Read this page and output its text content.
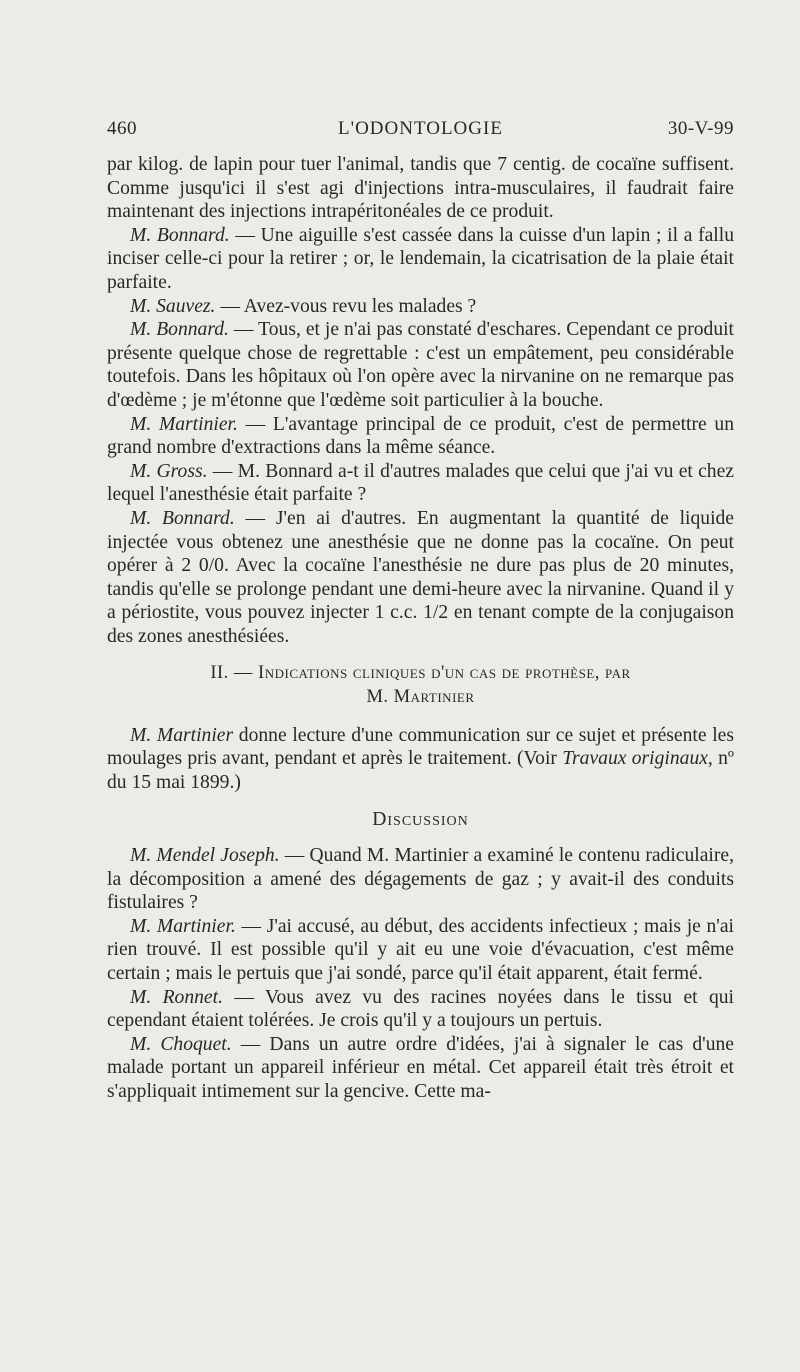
460	L'ODONTOLOGIE	30-V-99

par kilog. de lapin pour tuer l'animal, tandis que 7 centig. de cocaïne suffisent. Comme jusqu'ici il s'est agi d'injections intra-musculaires, il faudrait faire maintenant des injections intrapéritonéales de ce produit.

M. Bonnard. — Une aiguille s'est cassée dans la cuisse d'un lapin ; il a fallu inciser celle-ci pour la retirer ; or, le lendemain, la cicatrisation de la plaie était parfaite.

M. Sauvez. — Avez-vous revu les malades ?

M. Bonnard. — Tous, et je n'ai pas constaté d'eschares. Cependant ce produit présente quelque chose de regrettable : c'est un empâtement, peu considérable toutefois. Dans les hôpitaux où l'on opère avec la nirvanine on ne remarque pas d'œdème ; je m'étonne que l'œdème soit particulier à la bouche.

M. Martinier. — L'avantage principal de ce produit, c'est de permettre un grand nombre d'extractions dans la même séance.

M. Gross. — M. Bonnard a-t il d'autres malades que celui que j'ai vu et chez lequel l'anesthésie était parfaite ?

M. Bonnard. — J'en ai d'autres. En augmentant la quantité de liquide injectée vous obtenez une anesthésie que ne donne pas la cocaïne. On peut opérer à 2 0/0. Avec la cocaïne l'anesthésie ne dure pas plus de 20 minutes, tandis qu'elle se prolonge pendant une demi-heure avec la nirvanine. Quand il y a périostite, vous pouvez injecter 1 c.c. 1/2 en tenant compte de la conjugaison des zones anesthésiées.

II. — Indications cliniques d'un cas de prothèse, par
M. Martinier

M. Martinier donne lecture d'une communication sur ce sujet et présente les moulages pris avant, pendant et après le traitement. (Voir Travaux originaux, nº du 15 mai 1899.)

Discussion

M. Mendel Joseph. — Quand M. Martinier a examiné le contenu radiculaire, la décomposition a amené des dégagements de gaz ; y avait-il des conduits fistulaires ?

M. Martinier. — J'ai accusé, au début, des accidents infectieux ; mais je n'ai rien trouvé. Il est possible qu'il y ait eu une voie d'évacuation, c'est même certain ; mais le pertuis que j'ai sondé, parce qu'il était apparent, était fermé.

M. Ronnet. — Vous avez vu des racines noyées dans le tissu et qui cependant étaient tolérées. Je crois qu'il y a toujours un pertuis.

M. Choquet. — Dans un autre ordre d'idées, j'ai à signaler le cas d'une malade portant un appareil inférieur en métal. Cet appareil était très étroit et s'appliquait intimement sur la gencive. Cette ma-
